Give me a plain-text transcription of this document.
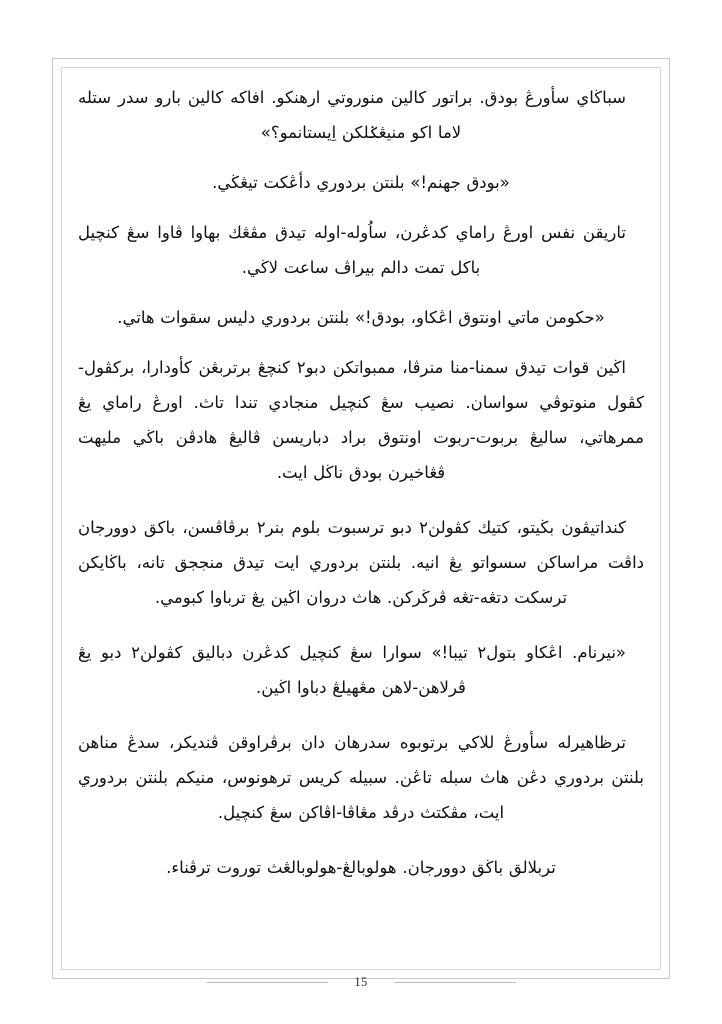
سباڬاي سأورڠ بودق. براتور كالين منوروتي ارهنكو. افاكه كالين بارو سدر ستله لاما اكو منيڠݢلكن اِيستانمو؟»

«بودق جهنم!» بلنتن بردوري دأڠكت تيڠڬي.

تاريقن نفس اورڠ راماي كدڠرن، ساُوله-اوله تيدق مڤڠك بهاوا ڤاوا سڠ كنچيل باكل تمت دالم بيراڤ ساعت لاڬي.

«حكومن ماتي اونتوق اڠكاو، بودق!» بلنتن بردوري دليس سقوات هاتي.

اڬين قوات تيدق سمنا-منا منرڤا، ممبواتكن دبو٢ كنچڠ برتربڠن كأودارا، بركڤول-كڤول منوتوڤي سواسان. نصيب سڠ كنچيل منجادي تندا تاث. اورڠ راماي يڠ ممرهاتي، ساليڠ بربوت-ربوت اونتوق براد دباريسن ڤاليڠ هادڤن باڬي مليهت ڤڠاخيرن بودق ناڬل ايت.

كنداتيڤون بڬيتو، كتيك كڤولن٢ دبو ترسبوت بلوم بنر٢ برڤاڤسن، باكق دوورجان داڤت مراساكن سسواتو يڠ انيه. بلنتن بردوري ايت تيدق منججق تانه، باڬايكن ترسكت دتڠه-تڠه ڤرڬركن. هاث دروان اڬين يڠ ترباوا كبومي.

«نيرنام. اڠكاو بتول٢ تيبا!» سوارا سڠ كنچيل كدڠرن دباليق كڤولن٢ دبو يڠ ڤرلاهن-لاهن مڠهيلڠ دباوا اڬين.

ترظاهيرله سأورڠ للاكي برتوبوه سدرهان دان برڤراوقن ڤنديكر، سدڠ مناهن بلنتن بردوري دڠن هاث سبله تاڠن. سبيله كريس ترهونوس، منيكم بلنتن بردوري ايت، مڤكتث درڤد مڠاڤا-اڤاكن سڠ كنچيل.

تربلالق باڬق دوورجان. هولوبالڠ-هولوبالڠث توروت ترڤناء.

15
